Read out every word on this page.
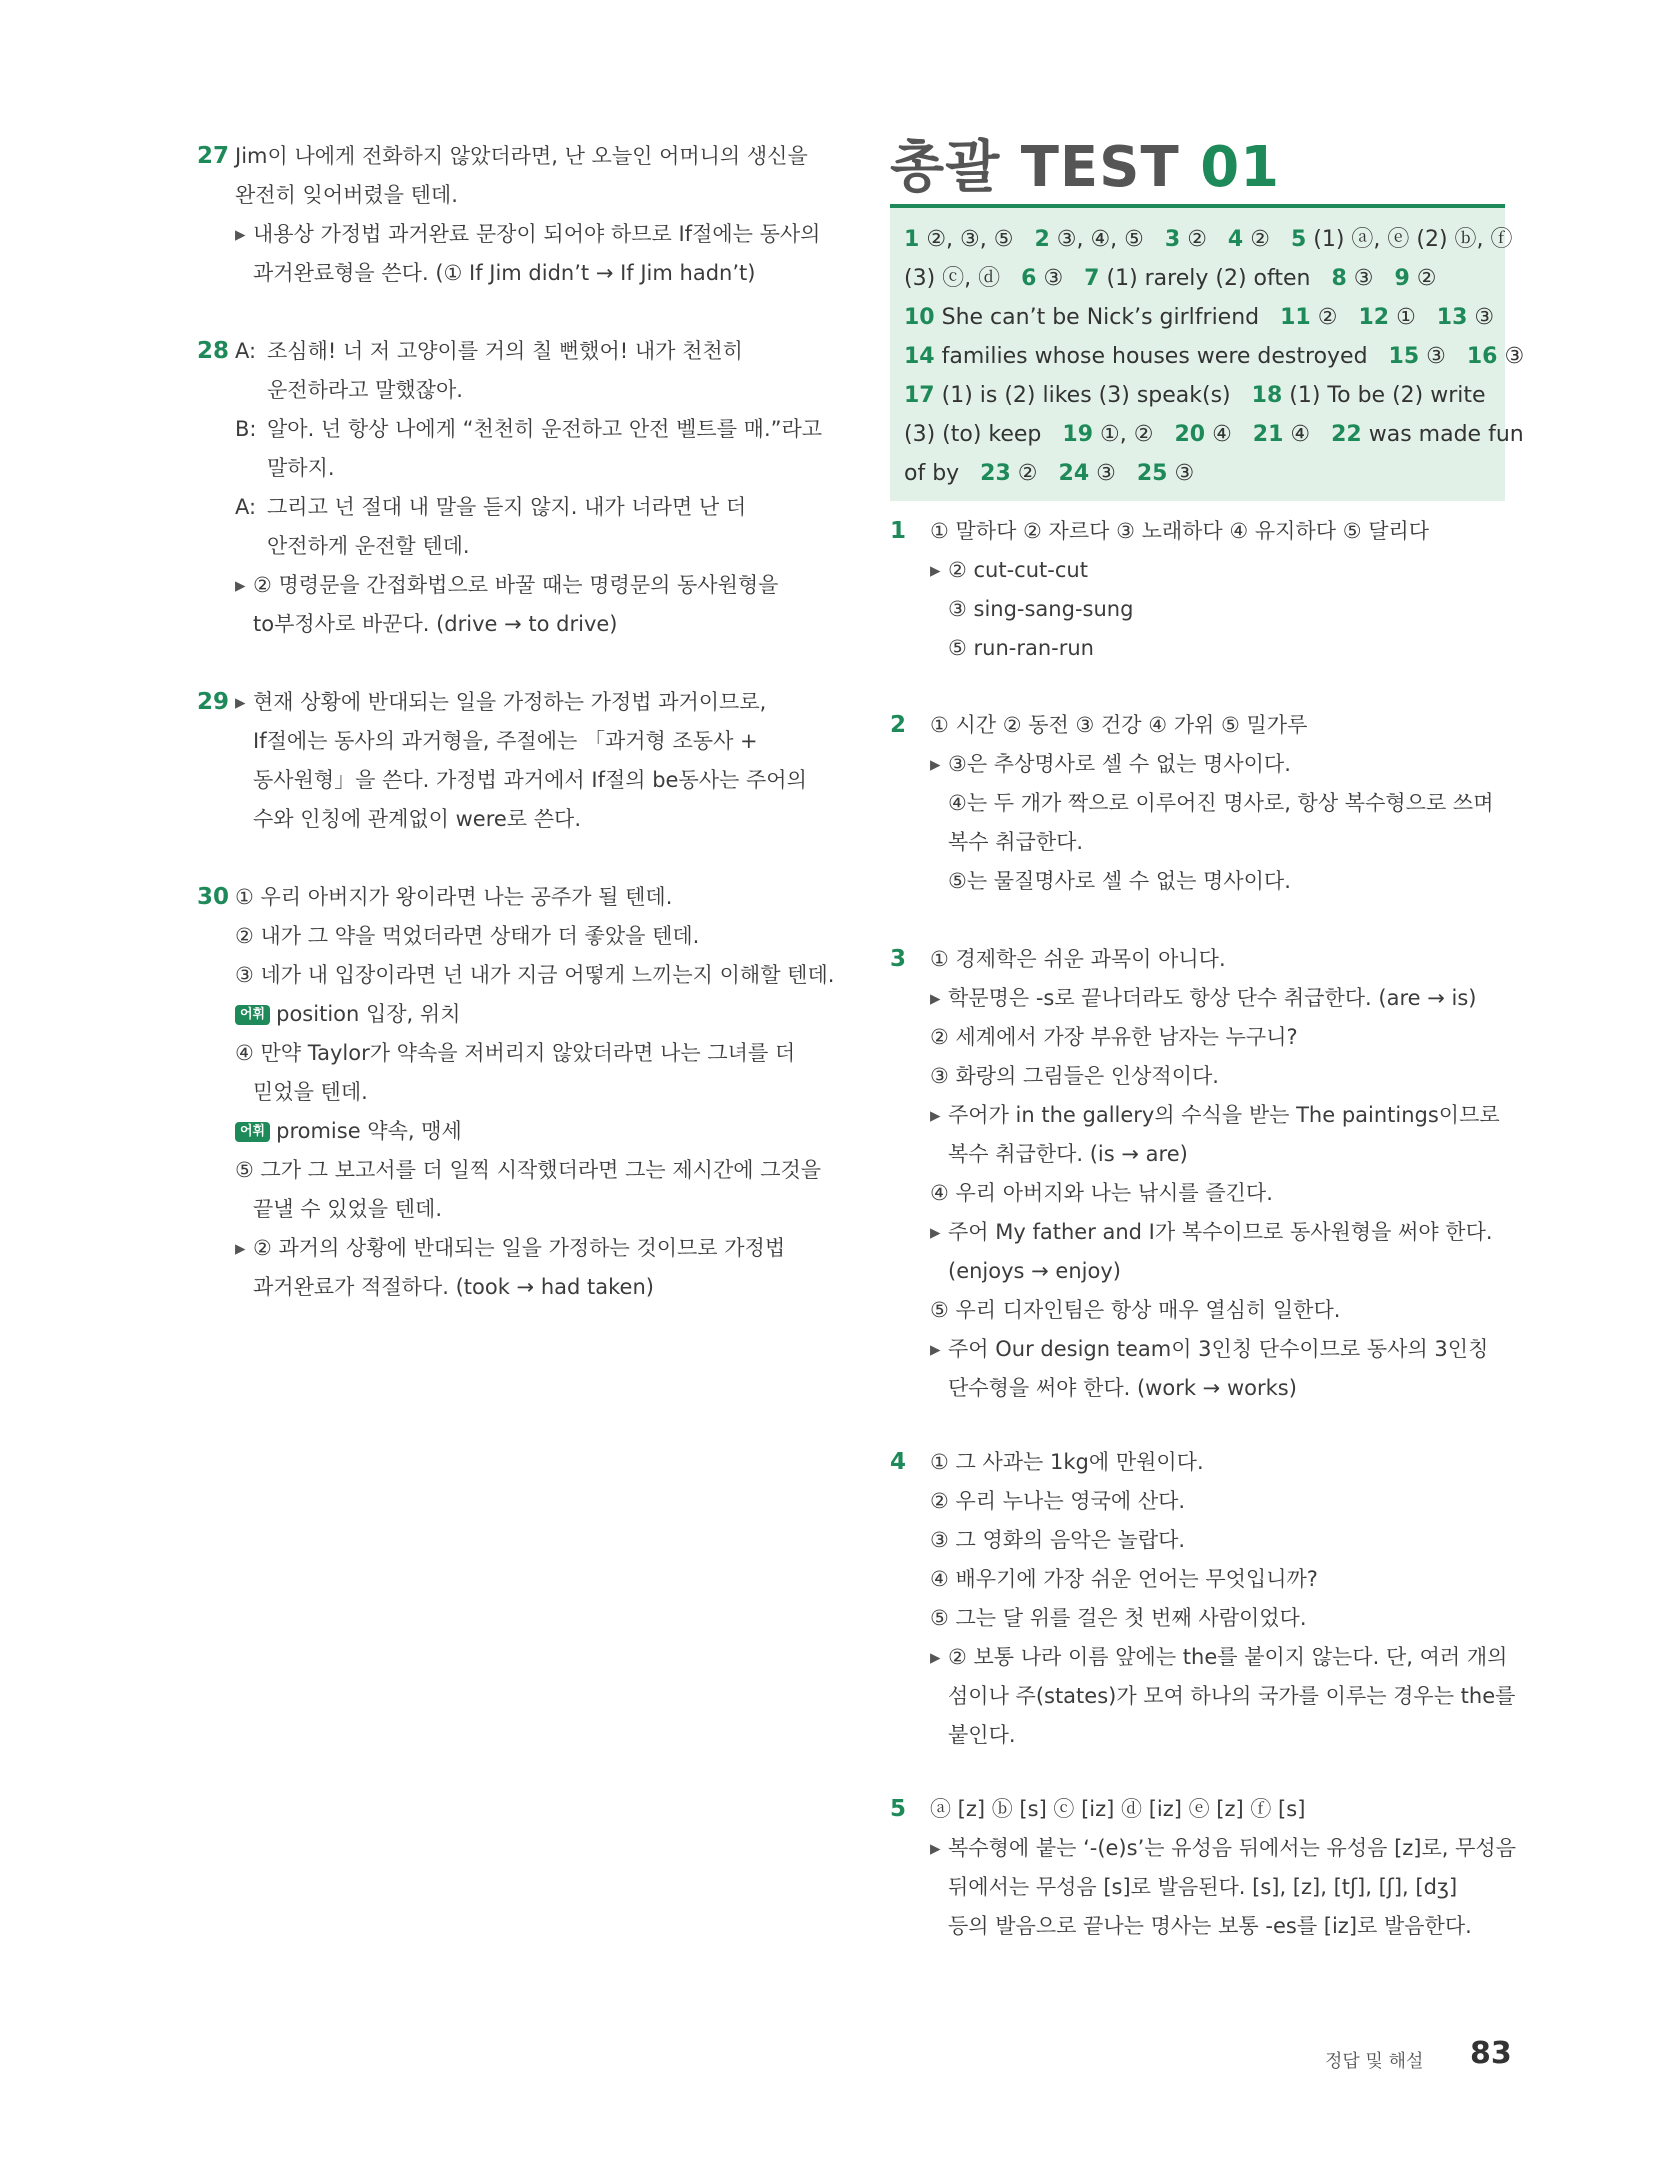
27 Jim이 나에게 전화하지 않았더라면, 난 오늘인 어머니의 생신을
완전히 잊어버렸을 텐데.
▸ 내용상 가정법 과거완료 문장이 되어야 하므로 If절에는 동사의
과거완료형을 쓴다. (① If Jim didn’t → If Jim hadn’t)
28 A: 조심해! 너 저 고양이를 거의 칠 뻔했어! 내가 천천히
운전하라고 말했잖아.
B: 알아. 넌 항상 나에게 “천천히 운전하고 안전 벨트를 매.”라고
말하지.
A: 그리고 넌 절대 내 말을 듣지 않지. 내가 너라면 난 더
안전하게 운전할 텐데.
▸ ② 명령문을 간접화법으로 바꿀 때는 명령문의 동사원형을
to부정사로 바꾼다. (drive → to drive)
29
▸	현재 상황에 반대되는 일을 가정하는 가정법 과거이므로,
If절에는 동사의 과거형을, 주절에는 「과거형 조동사 +
동사원형」을 쓴다. 가정법 과거에서 If절의 be동사는 주어의
수와 인칭에 관계없이 were로 쓴다.
30 ① 우리 아버지가 왕이라면 나는 공주가 될 텐데.
② 내가 그 약을 먹었더라면 상태가 더 좋았을 텐데.
③ 네가 내 입장이라면 넌 내가 지금 어떻게 느끼는지 이해할 텐데.
어휘 position 입장, 위치
④ 만약 Taylor가 약속을 저버리지 않았더라면 나는 그녀를 더
믿었을 텐데.
어휘 promise 약속, 맹세
⑤ 그가 그 보고서를 더 일찍 시작했더라면 그는 제시간에 그것을
끝낼 수 있었을 텐데.
▸ ② 과거의 상황에 반대되는 일을 가정하는 것이므로 가정법
과거완료가 적절하다. (took → had taken)
총괄 TEST 01
1 ②, ③, ⑤ 2 ③, ④, ⑤ 3 ② 4 ② 5 (1) ⓐ, ⓔ (2) ⓑ, ⓕ
(3) ⓒ, ⓓ 6 ③ 7 (1) rarely (2) often 8 ③ 9 ②
10 She can’t be Nick’s girlfriend 11 ② 12 ① 13 ③
14 families whose houses were destroyed 15 ③ 16 ③
17 (1) is (2) likes (3) speak(s) 18 (1) To be (2) write
(3) (to) keep 19 ①, ② 20 ④ 21 ④ 22 was made fun
of by 23 ② 24 ③ 25 ③
1 ① 말하다 ② 자르다 ③ 노래하다 ④ 유지하다 ⑤ 달리다
▸ ② cut-cut-cut
③ sing-sang-sung
⑤ run-ran-run
2 ① 시간 ② 동전 ③ 건강 ④ 가위 ⑤ 밀가루
▸ ③은 추상명사로 셀 수 없는 명사이다.
④는 두 개가 짝으로 이루어진 명사로, 항상 복수형으로 쓰며
복수 취급한다.
⑤는 물질명사로 셀 수 없는 명사이다.
3 ① 경제학은 쉬운 과목이 아니다.
▸ 학문명은 -s로 끝나더라도 항상 단수 취급한다. (are → is)
② 세계에서 가장 부유한 남자는 누구니?
③ 화랑의 그림들은 인상적이다.
▸ 주어가 in the gallery의 수식을 받는 The paintings이므로
복수 취급한다. (is → are)
④ 우리 아버지와 나는 낚시를 즐긴다.
▸ 주어 My father and I가 복수이므로 동사원형을 써야 한다.
(enjoys → enjoy)
⑤ 우리 디자인팀은 항상 매우 열심히 일한다.
▸ 주어 Our design team이 3인칭 단수이므로 동사의 3인칭
단수형을 써야 한다. (work → works)
4 ① 그 사과는 1kg에 만원이다.
② 우리 누나는 영국에 산다.
③ 그 영화의 음악은 놀랍다.
④ 배우기에 가장 쉬운 언어는 무엇입니까?
⑤ 그는 달 위를 걸은 첫 번째 사람이었다.
▸ ② 보통 나라 이름 앞에는 the를 붙이지 않는다. 단, 여러 개의
섬이나 주(states)가 모여 하나의 국가를 이루는 경우는 the를
붙인다.
5 ⓐ [z] ⓑ [s] ⓒ [iz] ⓓ [iz] ⓔ [z] ⓕ [s]
▸ 복수형에 붙는 ‘-(e)s’는 유성음 뒤에서는 유성음 [z]로, 무성음
뒤에서는 무성음 [s]로 발음된다. [s], [z], [tʃ], [ʃ], [dʒ]
등의 발음으로 끝나는 명사는 보통 -es를 [iz]로 발음한다.
정답 및 해설 83
